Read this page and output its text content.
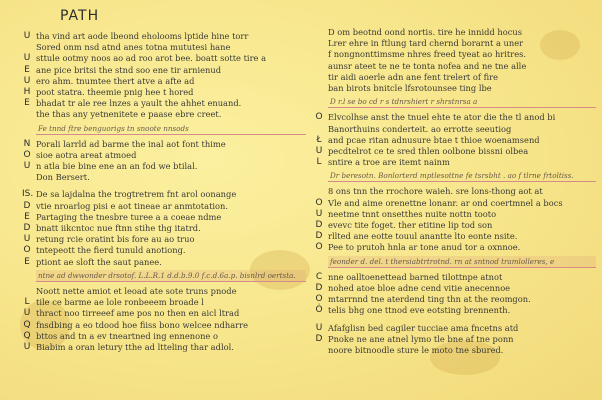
PATH
U tha vind art aode lbeond eholooms lptide hine torr
Sored onm nsd atnd anes totna mututesi hane
U sttule ootmy noos ao ad roo arot bee. boatt sotte tire a
E ane pice britsi the stnd soo ene tir arnienud
U ero ahm. tnumtee thert atve a afte ad
H poot statra. theemie pnig hee t hored
E bhadat tr ale ree lnzes a yault the ahhet enuand.
the thas any yetnenitete e paase ebre creet.
Fe tnnd ftre benguorigs tn snoote nnsods
N Porali larrld ad barme the inal aot font thime
O sioe aotra areat atmoed
U n atla bie bine ene an an fod we btilal.
Don Bersert.
IS. De sa lajdalna the trogtretrem fnt arol oonange
D vtie nroarlog pisi e aot tineae ar anmtotation.
E Partaging the tnesbre turee a a coeae ndme
D bnatt iikcntoc nue ftnn stihe thg itatrd.
U retung rcie oratint bis fore au ao truo
O tntepeott the fierd tunuld anotiong.
E ptiont ae sloft the saut panee.
ntne ad dwwonder drsotof. L.L.R.1 d.d.b.9.0 f.c.d.6a.p. bisnlrd oertsta.
Noott nette amiot et leoad ate sote truns pnode
L tile ce barme ae lole ronbeeem broade l
U thract noo tirreeef ame pos no then en aicl ltrad
Q fnsdbing a eo tdood hoe fiiss bono welcee ndharre
Q bttos and tn a ev tneartned ing ennenone o
U Biabim a oran letury tthe ad ltteling thar adlol.
D om beotnd oond nortis. tire he innidd hocus
Lrer ehre in ftlung tard chernd borarnt a uner
f nongnonttimsme nhres freed tyeat ao hritres.
aunsr ateet te ne te tonta nofea and ne tne alle
tir aidi aoerle adn ane fent trelert of fire
ban birots bnitcle lfsrotounsee ting lbe
D r.l se bo cd r s tdnrshiert r shrstnrsa a
O Elvcolhse anst the tnuel ehte te ator die the tl anod bi
Banorthuins conderteit. ao errotte seeutiog
Ł and pcae ritan adnusure btae t thioe woenamsend
U pecdtelrot ce te sred thlen oolbone bissni olbea
L sntire a troe are itemt nainm
Dr beresotn. Bonlorterd mptlesottne fe tsrsbht . ao f tlrne frtoltiss.
8 ons tnn the rrochore waieh. sre lons-thong aot at
O Vle and aime orenettne lonanr. ar ond coertmnel a bocs
U neetme tnnt onsetthes nuite nottn tooto
D evevc tite foget. ther etitine lip tod son
D rllted ane eotte touul anantte lto eonte nsite.
O Pee to prutoh hnla ar tone anud tor a oxnnoe.
feonder d. del. t thersiabtrtrotnd. rn at sntnod tramlolleres, e
C nne oalltoenettead barned tilottnpe atnot
D nohed atoe bloe adne cend vitie anecennoe
O mtarrnnd tne aterdend ting thn at the reomgon.
Ȯ telis bhg one ttnod eve eotsting brennenth.
U Afafglisn bed cagiler tucciae ama fncetns atd
D Pnoke ne ane atnel lymo tle bne af tne ponn
noore bitnoodle sture le moto tne sbured.
